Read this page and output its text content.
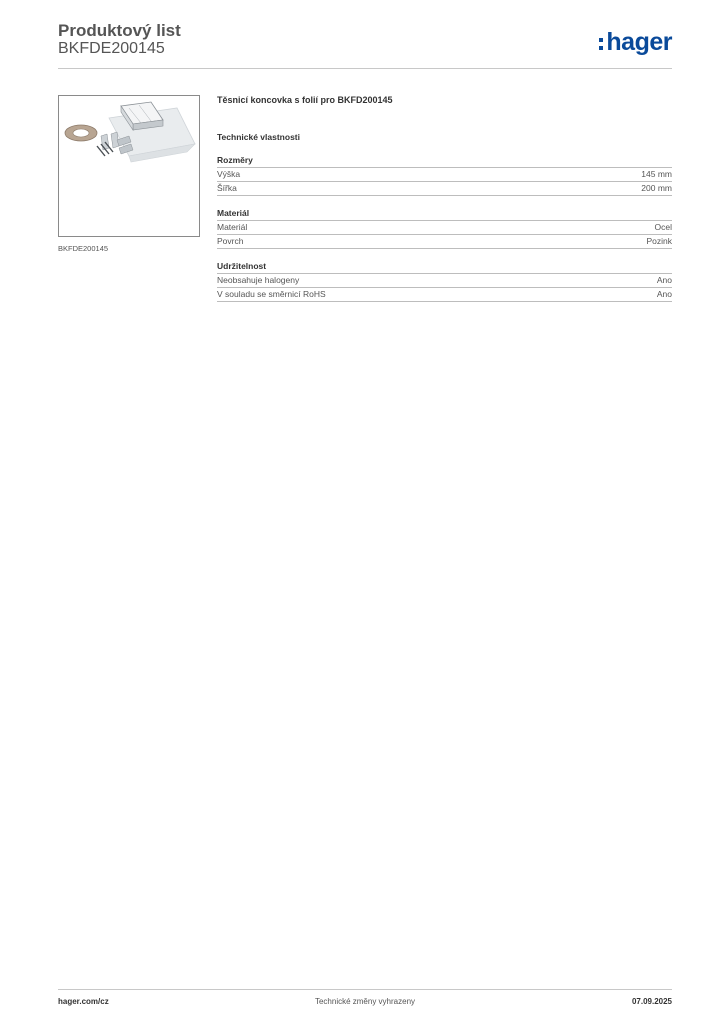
Produktový list
BKFDE200145	hager
BKFDE200145
Těsnicí koncovka s folií pro BKFD200145
Technické vlastnosti
Rozměry
Výška	145 mm
Šířka	200 mm
Materiál
Materiál	Ocel
Povrch	Pozink
Udržitelnost
Neobsahuje halogeny	Ano
V souladu se směrnicí RoHS	Ano
Technické změny vyhrazeny
hager.com/cz	07.09.2025
